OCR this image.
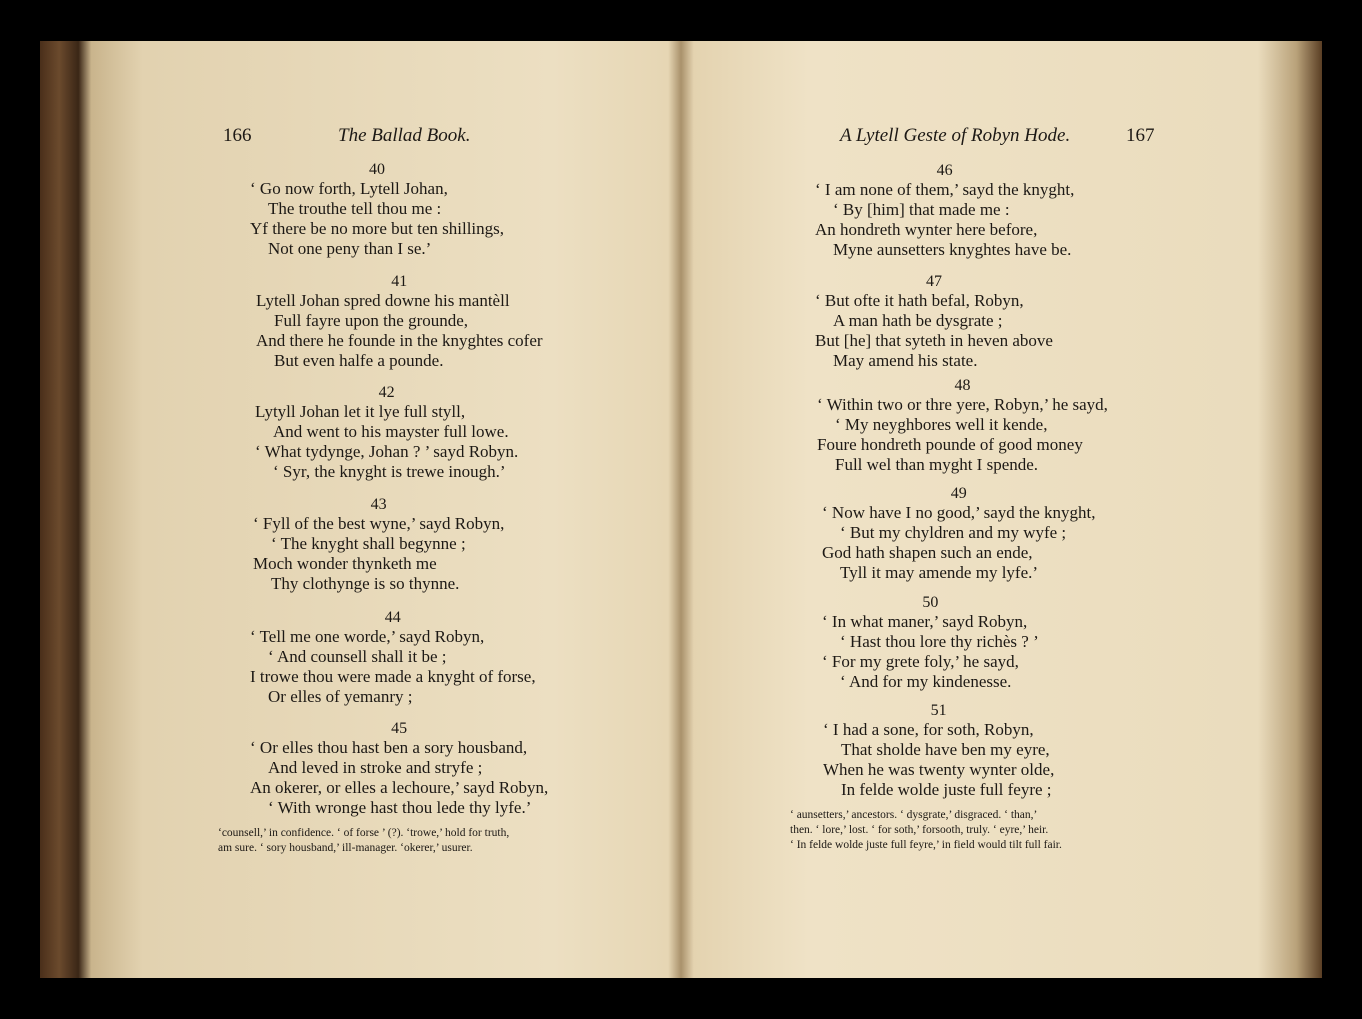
166	The Ballad Book.
40
‘ Go now forth, Lytell Johan,
The trouthe tell thou me :
Yf there be no more but ten shillings,
Not one peny than I se.’
41
Lytell Johan spred downe his mantèll
Full fayre upon the grounde,
And there he founde in the knyghtes cofer
But even halfe a pounde.
42
Lytyll Johan let it lye full styll,
And went to his mayster full lowe.
‘ What tydynge, Johan ? ’ sayd Robyn.
‘ Syr, the knyght is trewe inough.’
43
‘ Fyll of the best wyne,’ sayd Robyn,
‘ The knyght shall begynne ;
Moch wonder thynketh me
Thy clothynge is so thynne.
44
‘ Tell me one worde,’ sayd Robyn,
‘ And counsell shall it be ;
I trowe thou were made a knyght of forse,
Or elles of yemanry ;
45
‘ Or elles thou hast ben a sory housband,
And leved in stroke and stryfe ;
An okerer, or elles a lechoure,’ sayd Robyn,
‘ With wronge hast thou lede thy lyfe.’
‘counsell,’ in confidence. ‘ of forse ’ (?). ‘trowe,’ hold for truth,
am sure. ‘ sory housband,’ ill-manager. ‘okerer,’ usurer.
A Lytell Geste of Robyn Hode.	167
46
‘ I am none of them,’ sayd the knyght,
‘ By [him] that made me :
An hondreth wynter here before,
Myne aunsetters knyghtes have be.
47
‘ But ofte it hath befal, Robyn,
A man hath be dysgrate ;
But [he] that syteth in heven above
May amend his state.
48
‘ Within two or thre yere, Robyn,’ he sayd,
‘ My neyghbores well it kende,
Foure hondreth pounde of good money
Full wel than myght I spende.
49
‘ Now have I no good,’ sayd the knyght,
‘ But my chyldren and my wyfe ;
God hath shapen such an ende,
Tyll it may amende my lyfe.’
50
‘ In what maner,’ sayd Robyn,
‘ Hast thou lore thy richès ? ’
‘ For my grete foly,’ he sayd,
‘ And for my kindenesse.
51
‘ I had a sone, for soth, Robyn,
That sholde have ben my eyre,
When he was twenty wynter olde,
In felde wolde juste full feyre ;
‘ aunsetters,’ ancestors. ‘ dysgrate,’ disgraced. ‘ than,’
then. ‘ lore,’ lost. ‘ for soth,’ forsooth, truly. ‘ eyre,’ heir.
‘ In felde wolde juste full feyre,’ in field would tilt full fair.
